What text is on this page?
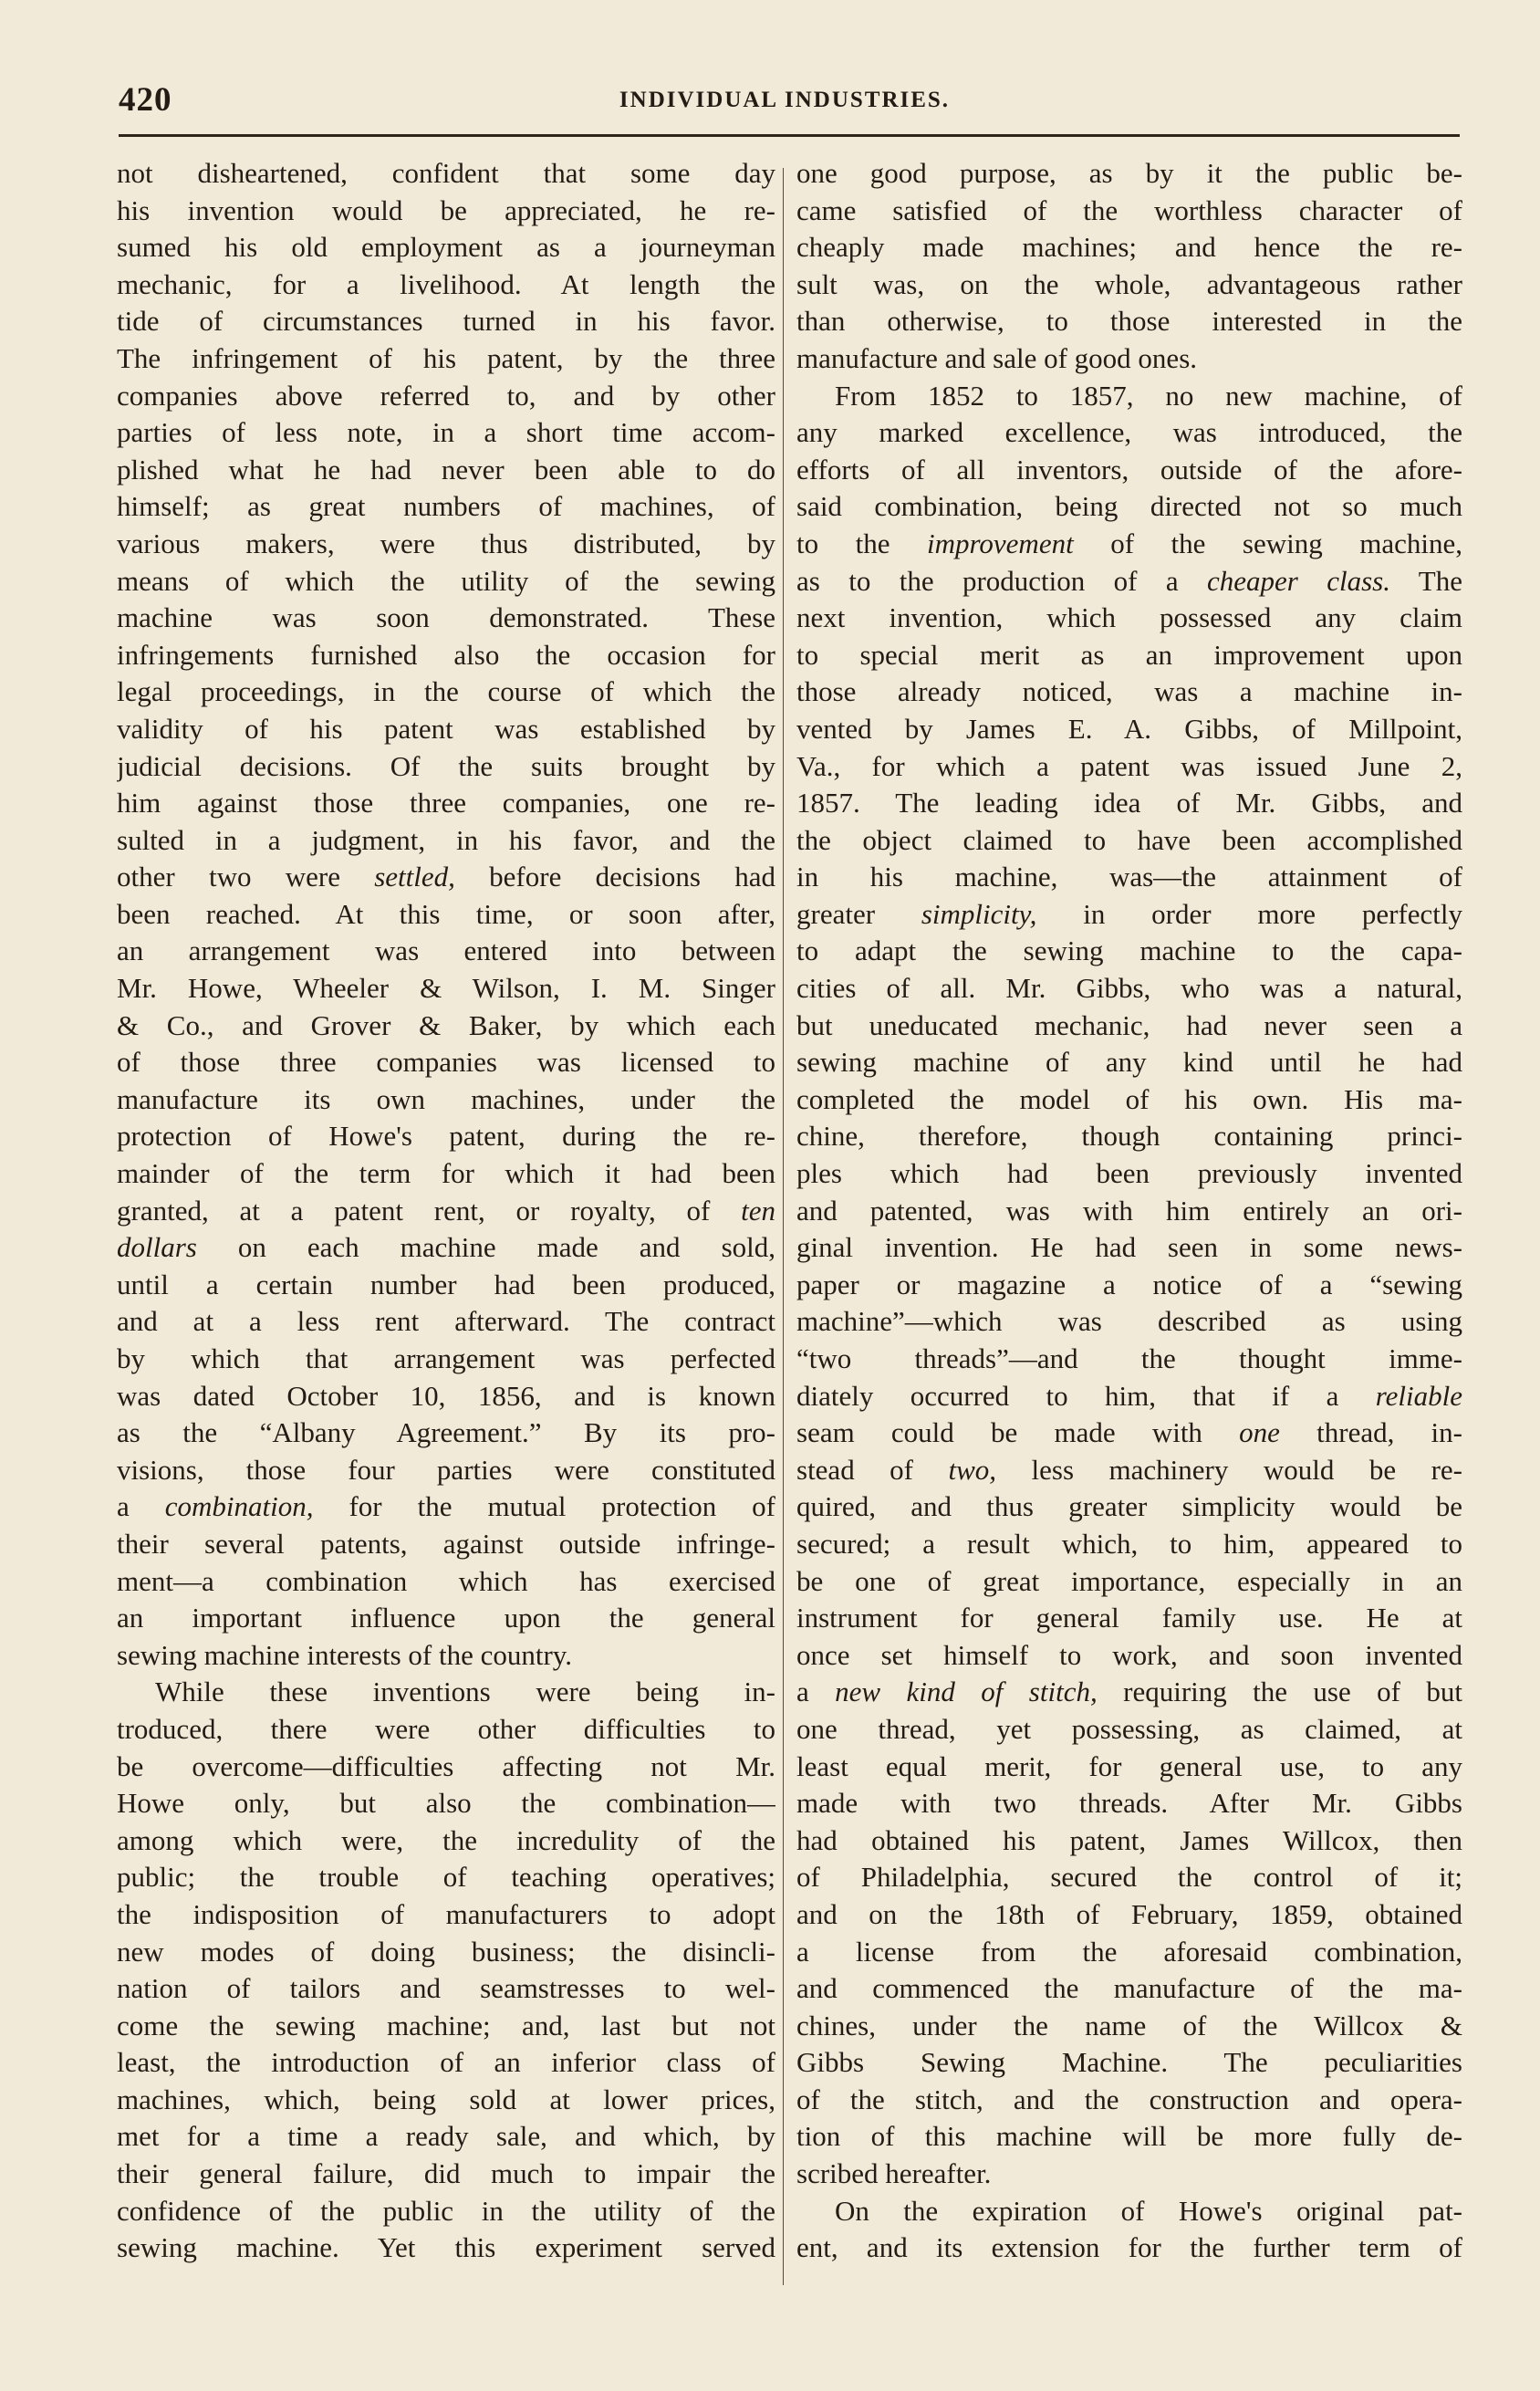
420	INDIVIDUAL INDUSTRIES.
not disheartened, confident that some day
his invention would be appreciated, he re-
sumed his old employment as a journeyman
mechanic, for a livelihood. At length the
tide of circumstances turned in his favor.
The infringement of his patent, by the three
companies above referred to, and by other
parties of less note, in a short time accom-
plished what he had never been able to do
himself; as great numbers of machines, of
various makers, were thus distributed, by
means of which the utility of the sewing
machine was soon demonstrated. These
infringements furnished also the occasion for
legal proceedings, in the course of which the
validity of his patent was established by
judicial decisions. Of the suits brought by
him against those three companies, one re-
sulted in a judgment, in his favor, and the
other two were settled, before decisions had
been reached. At this time, or soon after,
an arrangement was entered into between
Mr. Howe, Wheeler & Wilson, I. M. Singer
& Co., and Grover & Baker, by which each
of those three companies was licensed to
manufacture its own machines, under the
protection of Howe's patent, during the re-
mainder of the term for which it had been
granted, at a patent rent, or royalty, of ten
dollars on each machine made and sold,
until a certain number had been produced,
and at a less rent afterward. The contract
by which that arrangement was perfected
was dated October 10, 1856, and is known
as the “Albany Agreement.” By its pro-
visions, those four parties were constituted
a combination, for the mutual protection of
their several patents, against outside infringe-
ment—a combination which has exercised
an important influence upon the general
sewing machine interests of the country.
While these inventions were being in-
troduced, there were other difficulties to
be overcome—difficulties affecting not Mr.
Howe only, but also the combination—
among which were, the incredulity of the
public; the trouble of teaching operatives;
the indisposition of manufacturers to adopt
new modes of doing business; the disincli-
nation of tailors and seamstresses to wel-
come the sewing machine; and, last but not
least, the introduction of an inferior class of
machines, which, being sold at lower prices,
met for a time a ready sale, and which, by
their general failure, did much to impair the
confidence of the public in the utility of the
sewing machine. Yet this experiment served
one good purpose, as by it the public be-
came satisfied of the worthless character of
cheaply made machines; and hence the re-
sult was, on the whole, advantageous rather
than otherwise, to those interested in the
manufacture and sale of good ones.
From 1852 to 1857, no new machine, of
any marked excellence, was introduced, the
efforts of all inventors, outside of the afore-
said combination, being directed not so much
to the improvement of the sewing machine,
as to the production of a cheaper class. The
next invention, which possessed any claim
to special merit as an improvement upon
those already noticed, was a machine in-
vented by James E. A. Gibbs, of Millpoint,
Va., for which a patent was issued June 2,
1857. The leading idea of Mr. Gibbs, and
the object claimed to have been accomplished
in his machine, was—the attainment of
greater simplicity, in order more perfectly
to adapt the sewing machine to the capa-
cities of all. Mr. Gibbs, who was a natural,
but uneducated mechanic, had never seen a
sewing machine of any kind until he had
completed the model of his own. His ma-
chine, therefore, though containing princi-
ples which had been previously invented
and patented, was with him entirely an ori-
ginal invention. He had seen in some news-
paper or magazine a notice of a “sewing
machine”—which was described as using
“two threads”—and the thought imme-
diately occurred to him, that if a reliable
seam could be made with one thread, in-
stead of two, less machinery would be re-
quired, and thus greater simplicity would be
secured; a result which, to him, appeared to
be one of great importance, especially in an
instrument for general family use. He at
once set himself to work, and soon invented
a new kind of stitch, requiring the use of but
one thread, yet possessing, as claimed, at
least equal merit, for general use, to any
made with two threads. After Mr. Gibbs
had obtained his patent, James Willcox, then
of Philadelphia, secured the control of it;
and on the 18th of February, 1859, obtained
a license from the aforesaid combination,
and commenced the manufacture of the ma-
chines, under the name of the Willcox &
Gibbs Sewing Machine. The peculiarities
of the stitch, and the construction and opera-
tion of this machine will be more fully de-
scribed hereafter.
On the expiration of Howe's original pat-
ent, and its extension for the further term of
